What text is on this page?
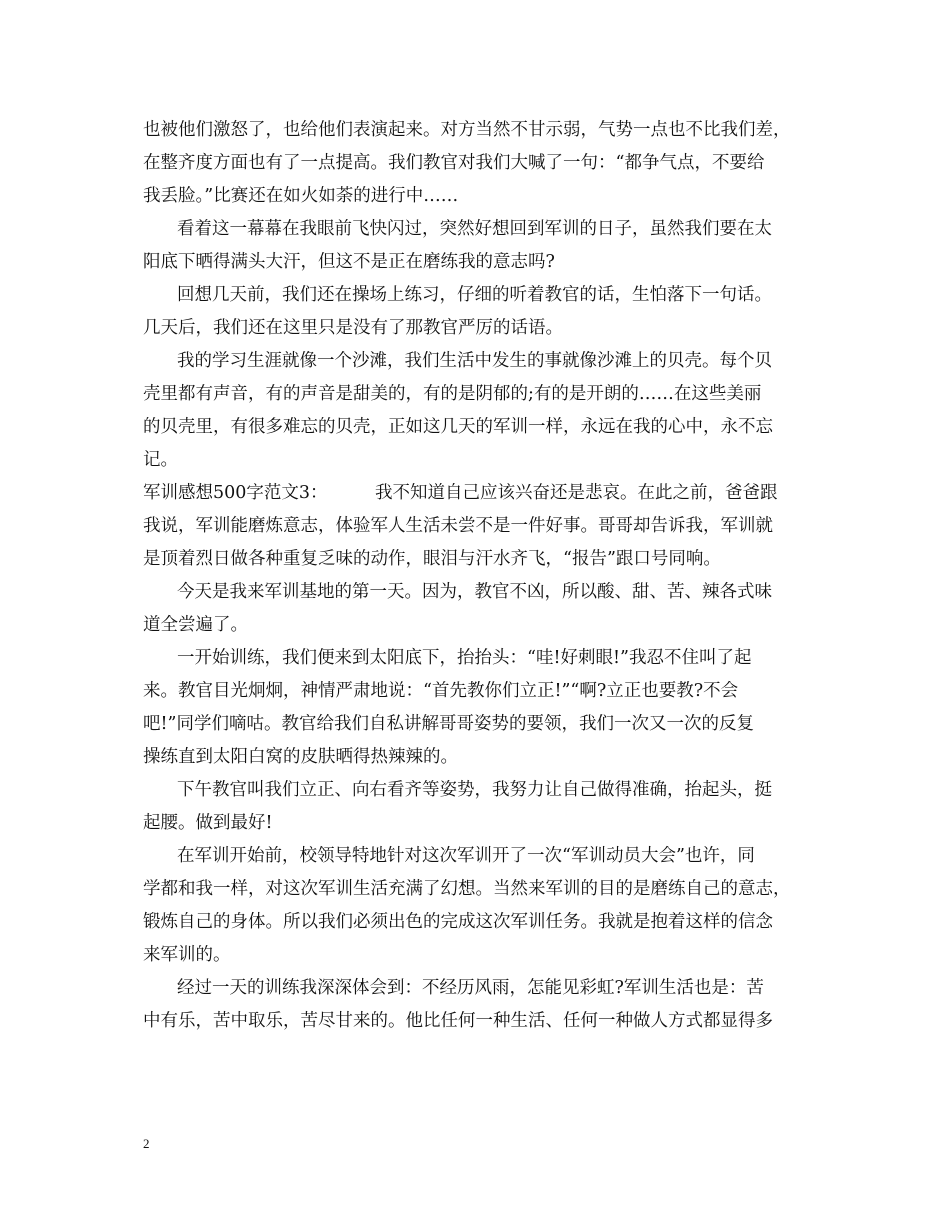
也被他们激怒了，也给他们表演起来。对方当然不甘示弱，气势一点也不比我们差，
在整齐度方面也有了一点提高。我们教官对我们大喊了一句：“都争气点，不要给
我丢脸。”比赛还在如火如荼的进行中……
看着这一幕幕在我眼前飞快闪过，突然好想回到军训的日子，虽然我们要在太
阳底下晒得满头大汗，但这不是正在磨练我的意志吗?
回想几天前，我们还在操场上练习，仔细的听着教官的话，生怕落下一句话。
几天后，我们还在这里只是没有了那教官严厉的话语。
我的学习生涯就像一个沙滩，我们生活中发生的事就像沙滩上的贝壳。每个贝
壳里都有声音，有的声音是甜美的，有的是阴郁的;有的是开朗的……在这些美丽
的贝壳里，有很多难忘的贝壳，正如这几天的军训一样，永远在我的心中，永不忘
记。
军训感想500字范文3：	我不知道自己应该兴奋还是悲哀。在此之前，爸爸跟
我说，军训能磨炼意志，体验军人生活未尝不是一件好事。哥哥却告诉我，军训就
是顶着烈日做各种重复乏味的动作，眼泪与汗水齐飞，“报告”跟口号同响。
今天是我来军训基地的第一天。因为，教官不凶，所以酸、甜、苦、辣各式味
道全尝遍了。
一开始训练，我们便来到太阳底下，抬抬头：“哇!好刺眼!”我忍不住叫了起
来。教官目光炯炯，神情严肃地说：“首先教你们立正!”“啊?立正也要教?不会
吧!”同学们嘀咕。教官给我们自私讲解哥哥姿势的要领，我们一次又一次的反复
操练直到太阳白窝的皮肤晒得热辣辣的。
下午教官叫我们立正、向右看齐等姿势，我努力让自己做得准确，抬起头，挺
起腰。做到最好!
在军训开始前，校领导特地针对这次军训开了一次“军训动员大会”也许，同
学都和我一样，对这次军训生活充满了幻想。当然来军训的目的是磨练自己的意志，
锻炼自己的身体。所以我们必须出色的完成这次军训任务。我就是抱着这样的信念
来军训的。
经过一天的训练我深深体会到：不经历风雨，怎能见彩虹?军训生活也是：苦
中有乐，苦中取乐，苦尽甘来的。他比任何一种生活、任何一种做人方式都显得多
2
